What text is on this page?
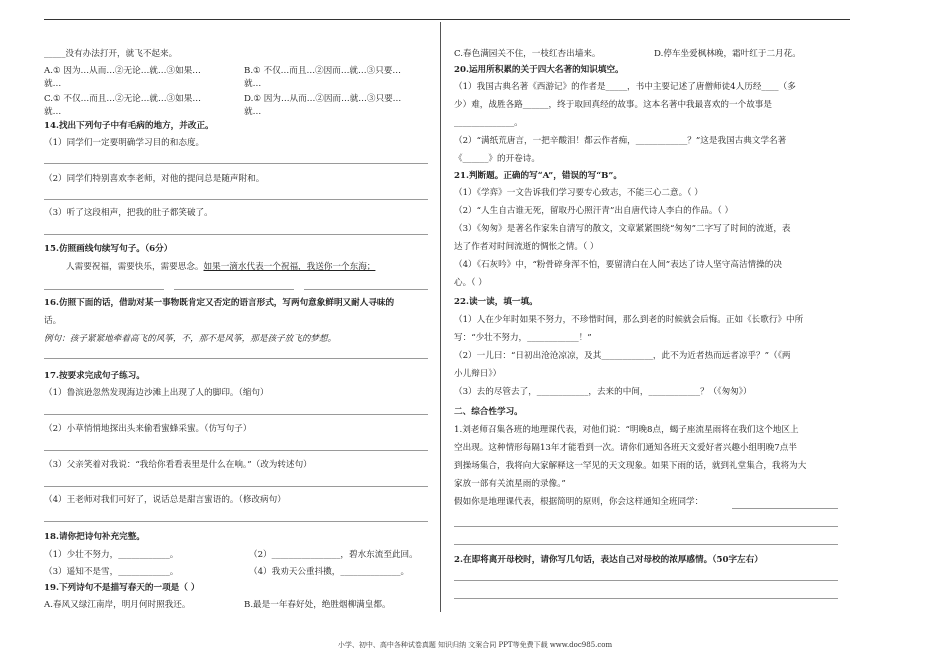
_____没有办法打开，就飞不起来。
A.① 因为…从而…②无论…就…③如果…
就…
B.① 不仅…而且…②因而…就…③只要…
就…
C.① 不仅…而且…②无论…就…③如果…
就…
D.① 因为…从而…②因而…就…③只要…
就…
14.找出下列句子中有毛病的地方，并改正。
（1）同学们一定要明确学习目的和态度。
（2）同学们特别喜欢李老师，对他的提问总是随声附和。
（3）听了这段相声，把我的肚子都笑破了。
15.仿照画线句续写句子。（6分）
人需要祝福，需要快乐，需要思念。如果一滴水代表一个祝福，我送你一个东海；
16.仿照下面的话，借助对某一事物既肯定又否定的语言形式，写两句意象鲜明又耐人寻味的
话。
例句：孩子紧紧地牵着高飞的风筝，不，那不是风筝，那是孩子放飞的梦想。
17.按要求完成句子练习。
（1）鲁滨逊忽然发现海边沙滩上出现了人的脚印。（缩句）
（2）小草悄悄地探出头来偷看蜜蜂采蜜。（仿写句子）
（3）父亲笑着对我说：“我给你看看表里是什么在响。”（改为转述句）
（4）王老师对我们可好了，说话总是甜言蜜语的。（修改病句）
18.请你把诗句补充完整。
（1）少壮不努力，____________。	（2）________________，碧水东流至此回。
（3）遥知不是雪，____________。	（4）我劝天公重抖擞，______________。
19.下列诗句不是描写春天的一项是（ ）
A.春风又绿江南岸，明月何时照我还。	B.最是一年春好处，绝胜烟柳满皇都。
C.春色满园关不住，一枝红杏出墙来。	D.停车坐爱枫林晚，霜叶红于二月花。
20.运用所积累的关于四大名著的知识填空。
（1）我国古典名著《西游记》的作者是_____，书中主要记述了唐僧师徒4人历经____（多
少）难，战胜各路______，终于取回真经的故事。这本名著中我最喜欢的一个故事是
______________。
（2）“满纸荒唐言，一把辛酸泪！都云作者痴，____________？”这是我国古典文学名著
《______》的开卷诗。
21.判断题。正确的写“A”，错误的写“B”。
（1）《学弈》一文告诉我们学习要专心致志，不能三心二意。（ ）
（2）“人生自古谁无死，留取丹心照汗青”出自唐代诗人李白的作品。（ ）
（3）《匆匆》是著名作家朱自清写的散文，文章紧紧围绕“匆匆”二字写了时间的流逝，表
达了作者对时间流逝的惆怅之情。（ ）
（4）《石灰吟》中，“粉骨碎身浑不怕，要留清白在人间”表达了诗人坚守高洁情操的决
心。（ ）
22.读一读，填一填。
（1）人在少年时如果不努力，不珍惜时间，那么到老的时候就会后悔。正如《长歌行》中所
写：“少壮不努力，____________！”
（2）一儿曰：“日初出沧沧凉凉，及其____________，此不为近者热而远者凉乎？”（《两
小儿辩日》）
（3）去的尽管去了，____________，去来的中间，____________？（《匆匆》）
二、综合性学习。
1.刘老师召集各班的地理课代表，对他们说：“明晚8点，蝎子座流星雨将在我们这个地区上
空出现。这种情形每隔13年才能看到一次。请你们通知各班天文爱好者兴趣小组明晚7点半
到操场集合，我将向大家解释这一罕见的天文现象。如果下雨的话，就到礼堂集合，我将为大
家放一部有关流星雨的录像。”
假如你是地理课代表，根据简明的原则，你会这样通知全班同学：
2.在即将离开母校时，请你写几句话，表达自己对母校的浓厚感情。（50字左右）
小学、初中、高中各种试卷真题 知识归纳 文案合同 PPT等免费下载 www.doc985.com
